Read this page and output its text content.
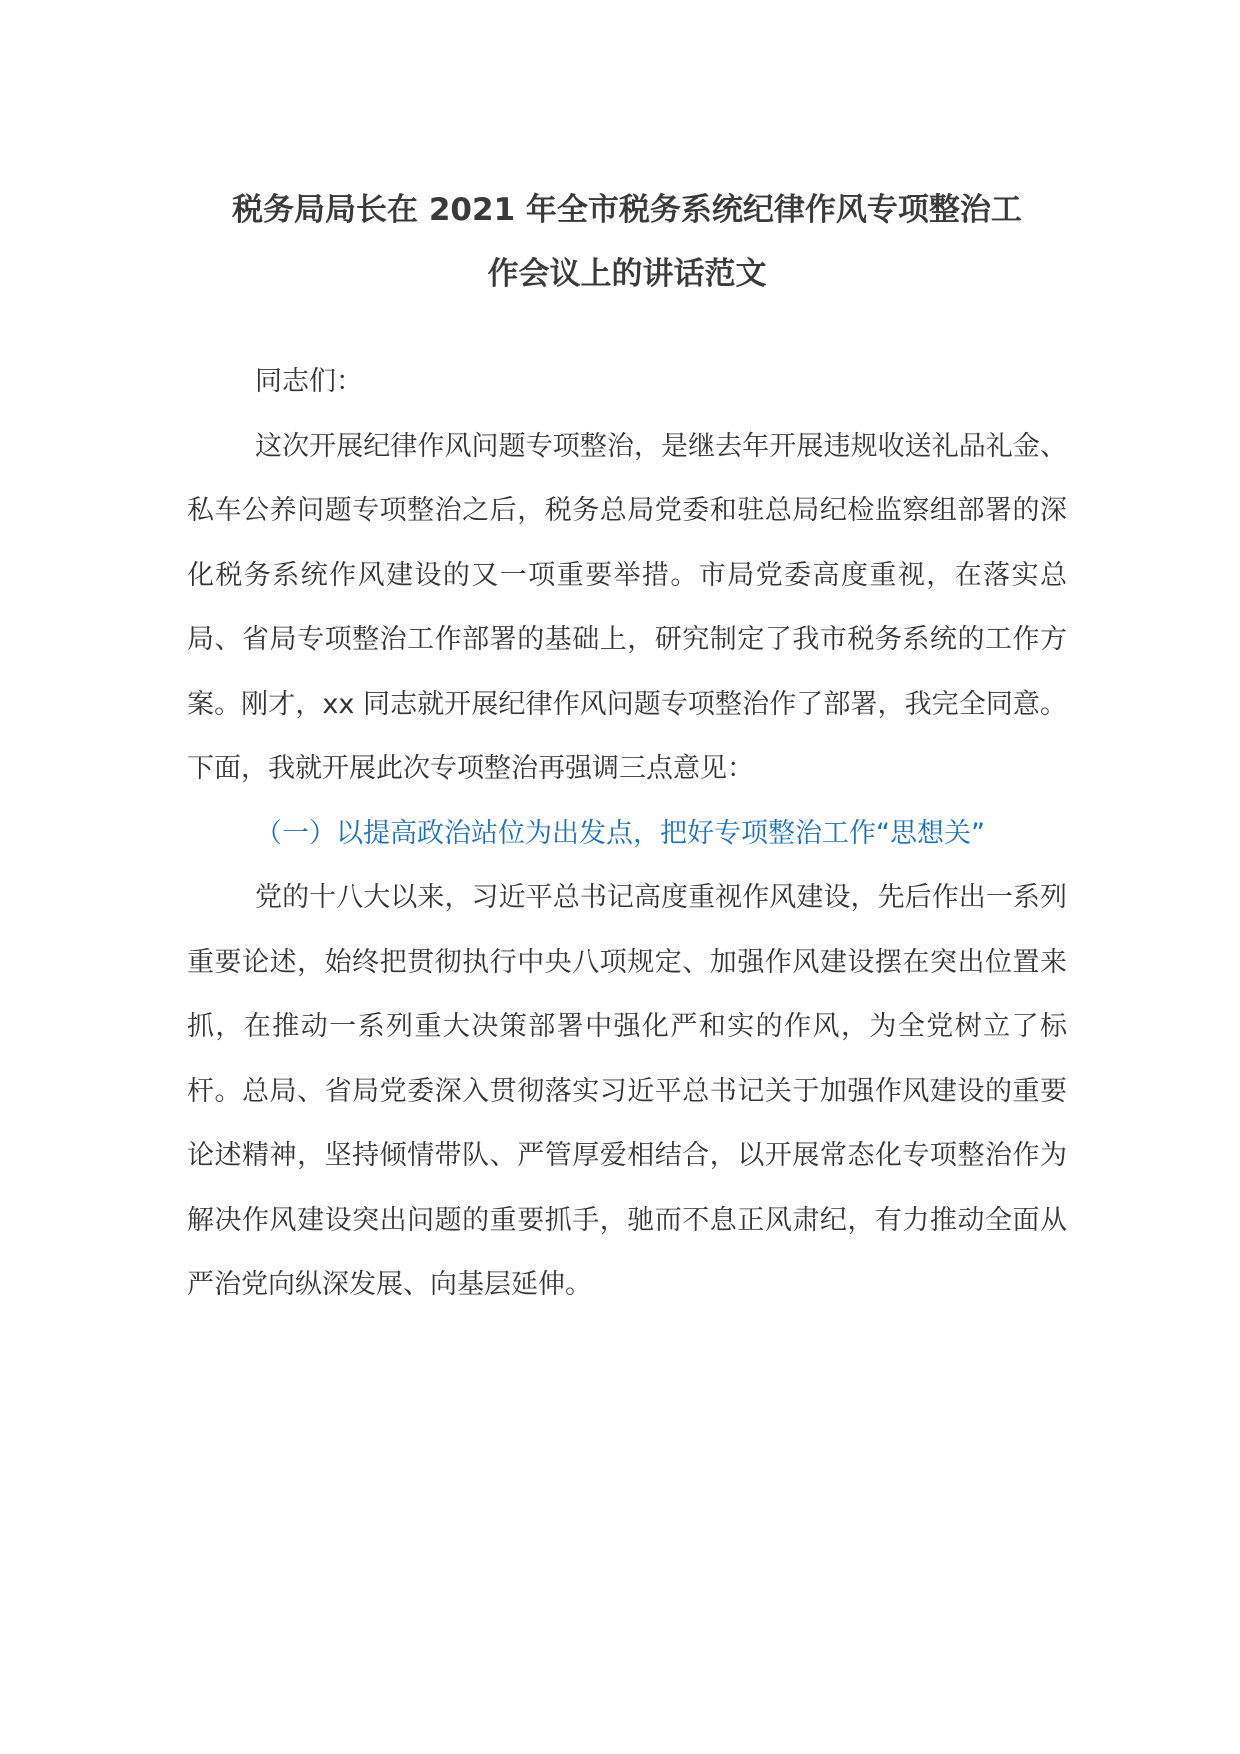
税务局局长在 2021 年全市税务系统纪律作风专项整治工
作会议上的讲话范文

同志们：

这次开展纪律作风问题专项整治，是继去年开展违规收送礼品礼金、私车公养问题专项整治之后，税务总局党委和驻总局纪检监察组部署的深化税务系统作风建设的又一项重要举措。市局党委高度重视，在落实总局、省局专项整治工作部署的基础上，研究制定了我市税务系统的工作方案。刚才，xx 同志就开展纪律作风问题专项整治作了部署，我完全同意。下面，我就开展此次专项整治再强调三点意见：

（一）以提高政治站位为出发点，把好专项整治工作“思想关”

党的十八大以来，习近平总书记高度重视作风建设，先后作出一系列重要论述，始终把贯彻执行中央八项规定、加强作风建设摆在突出位置来抓，在推动一系列重大决策部署中强化严和实的作风，为全党树立了标杆。总局、省局党委深入贯彻落实习近平总书记关于加强作风建设的重要论述精神，坚持倾情带队、严管厚爱相结合，以开展常态化专项整治作为解决作风建设突出问题的重要抓手，驰而不息正风肃纪，有力推动全面从严治党向纵深发展、向基层延伸。
